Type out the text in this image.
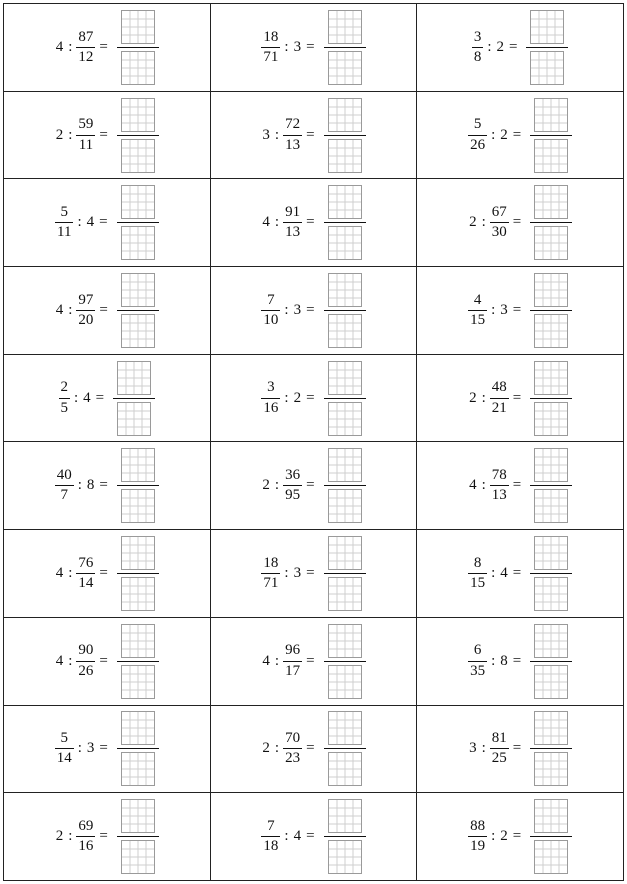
4 : $\frac{87}{12}$ =	$\frac{18}{71}$ : 3 =	$\frac{3}{8}$ : 2 =

2 : $\frac{59}{11}$ =	3 : $\frac{72}{13}$ =	$\frac{5}{26}$ : 2 =

$\frac{5}{11}$ : 4 =	4 : $\frac{91}{13}$ =	2 : $\frac{67}{30}$ =

4 : $\frac{97}{20}$ =	$\frac{7}{10}$ : 3 =	$\frac{4}{15}$ : 3 =

$\frac{2}{5}$ : 4 =	$\frac{3}{16}$ : 2 =	2 : $\frac{48}{21}$ =

$\frac{40}{7}$ : 8 =	2 : $\frac{36}{95}$ =	4 : $\frac{78}{13}$ =

4 : $\frac{76}{14}$ =	$\frac{18}{71}$ : 3 =	$\frac{8}{15}$ : 4 =

4 : $\frac{90}{26}$ =	4 : $\frac{96}{17}$ =	$\frac{6}{35}$ : 8 =

$\frac{5}{14}$ : 3 =	2 : $\frac{70}{23}$ =	3 : $\frac{81}{25}$ =

2 : $\frac{69}{16}$ =	$\frac{7}{18}$ : 4 =	$\frac{88}{19}$ : 2 =
